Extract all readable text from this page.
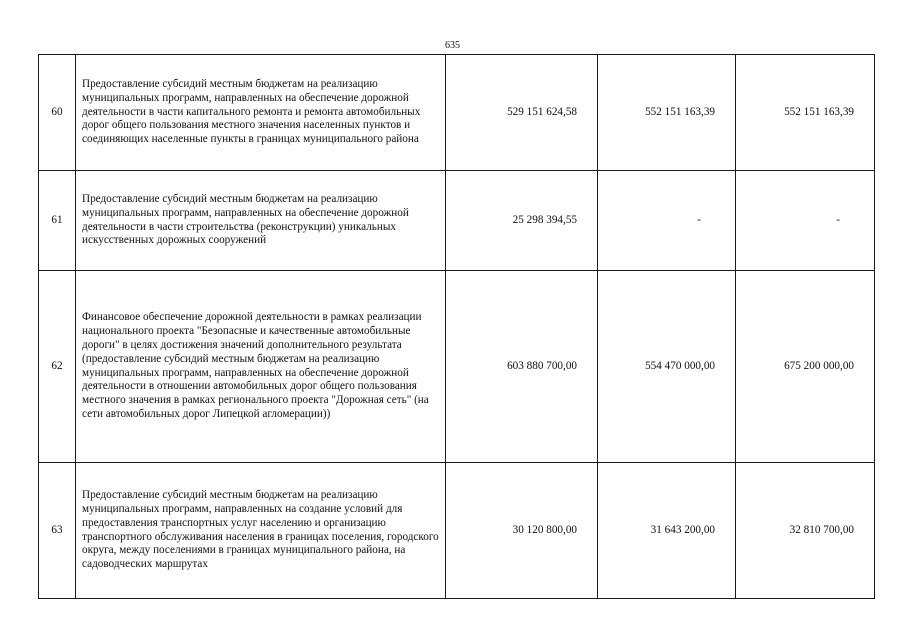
635
60	Предоставление субсидий местным бюджетам на реализацию муниципальных программ, направленных на обеспечение дорожной деятельности в части капитального ремонта и ремонта автомобильных дорог общего пользования местного значения населенных пунктов и соединяющих населенные пункты в границах муниципального района	529 151 624,58	552 151 163,39	552 151 163,39
61	Предоставление субсидий местным бюджетам на реализацию муниципальных программ, направленных на обеспечение дорожной деятельности в части строительства (реконструкции) уникальных искусственных дорожных сооружений	25 298 394,55	-	-
62	Финансовое обеспечение дорожной деятельности в рамках реализации национального проекта "Безопасные и качественные автомобильные дороги" в целях достижения значений дополнительного результата (предоставление субсидий местным бюджетам на реализацию муниципальных программ, направленных на обеспечение дорожной деятельности в отношении автомобильных дорог общего пользования местного значения в рамках регионального проекта "Дорожная сеть" (на сети автомобильных дорог Липецкой агломерации))	603 880 700,00	554 470 000,00	675 200 000,00
63	Предоставление субсидий местным бюджетам на реализацию муниципальных программ, направленных на создание условий для предоставления транспортных услуг населению и организацию транспортного обслуживания населения в границах поселения, городского округа, между поселениями в границах муниципального района, на садоводческих маршрутах	30 120 800,00	31 643 200,00	32 810 700,00
